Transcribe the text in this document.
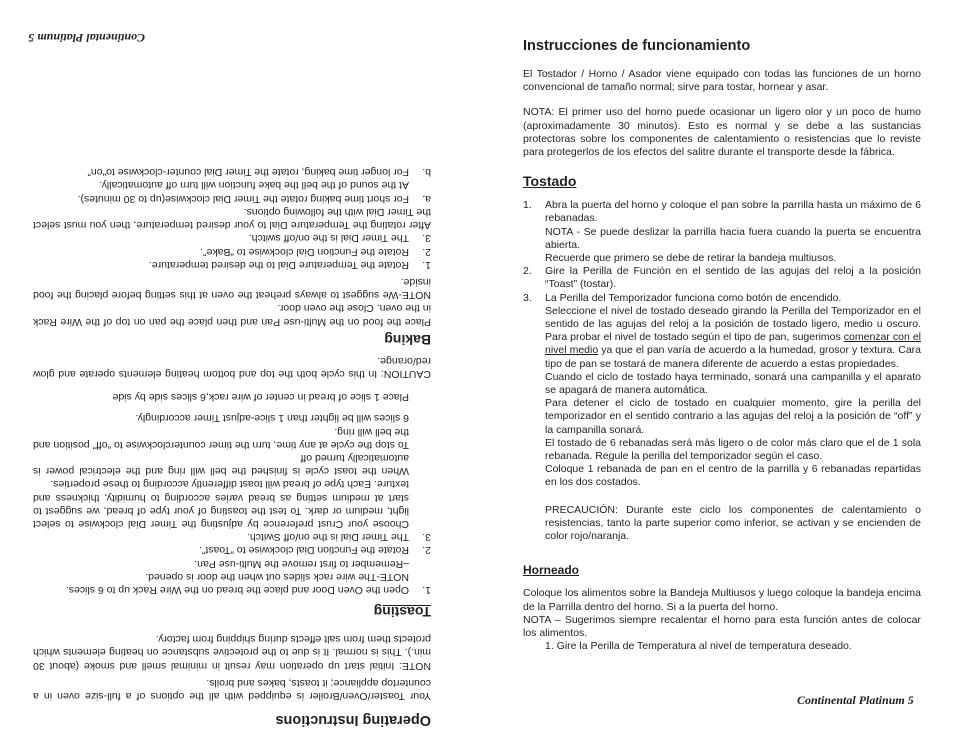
Operating Instructions

Your Toaster/Oven/Broiler is equipped with all the options of a full-size oven in a countertop appliance; it toasts, bakes and broils.

NOTE: Initial start up operation may result in minimal smell and smoke (about 30 min.). This is normal. It is due to the protective substance on heating elements which protects them from salt effects during shipping from factory.

Toasting

1.
Open the Oven Door and place the bread on the Wire Rack up to 6 slices.
NOTE-The wire rack slides out when the door is opened.
–Remember to first remove the Multi-use Pan.
2.
Rotate the Function Dial clockwise to “Toast”.
3.
The Timer Dial is the on/off Switch.
Choose your Crust preference by adjusting the Timer Dial clockwise to select light, medium or dark. To test the toasting of your type of bread, we suggest to start at medium setting as bread varies according to humidity, thickness and texture. Each type of bread will toast differently according to these properties.
When the toast cycle is finished the bell will ring and the electrical power is automatically turned off
To stop the cycle at any time, turn the timer counterclockwise to “off” position and the bell will ring.
6 slices will be lighter than 1 slice-adjust Timer accordingly.
Place 1 slice of bread in center of wire rack,6 slices side by side

CAUTION: In this cycle both the top and bottom heating elements operate and glow red/orange.

Baking

Place the food on the Multi-use Pan and then place the pan on top of the Wire Rack in the oven. Close the oven door.

NOTE-We suggest to always preheat the oven at this setting before placing the food inside.

1.
Rotate the Temperature Dial to the desired temperature.
2.
Rotate the Function Dial clockwise to “Bake”.
3.
The Timer Dial is the on/off switch.

After rotating the Temperature Dial to your desired temperature, then you must select the Timer Dial with the following options.

a.
For short time baking rotate the Timer Dial clockwise(up to 30 minutes).
At the sound of the bell the bake function will turn off automatically.
b.
For longer time baking, rotate the Timer Dial counter-clockwise to“on”
Continental Platinum 5	Instrucciones de funcionamiento

El Tostador / Horno / Asador viene equipado con todas las funciones de un horno convencional de tamaño normal; sirve para tostar, hornear y asar.

NOTA: El primer uso del horno puede ocasionar un ligero olor y un poco de humo (aproximadamente 30 minutos). Esto es normal y se debe a las sustancias protectoras sobre los componentes de calentamiento o resistencias que lo reviste para protegerlos de los efectos del salitre durante el transporte desde la fábrica.

Tostado

1. Abra la puerta del horno y coloque el pan sobre la parrilla hasta un máximo de 6 rebanadas.
NOTA - Se puede deslizar la parrilla hacia fuera cuando la puerta se encuentra abierta.
Recuerde que primero se debe de retirar la bandeja multiusos.
2. Gire la Perilla de Función en el sentido de las agujas del reloj a la posición “Toast” (tostar).
3. La Perilla del Temporizador funciona como botón de encendido.
Seleccione el nivel de tostado deseado girando la Perilla del Temporizador en el sentido de las agujas del reloj a la posición de tostado ligero, medio u oscuro. Para probar el nivel de tostado según el tipo de pan, sugerimos comenzar con el nivel medio ya que el pan varía de acuerdo a la humedad, grosor y textura. Cara tipo de pan se tostará de manera diferente de acuerdo a estas propiedades.
Cuando el ciclo de tostado haya terminado, sonará una campanilla y el aparato se apagará de manera automática.
Para detener el ciclo de tostado en cualquier momento, gire la perilla del temporizador en el sentido contrario a las agujas del reloj a la posición de “off” y la campanilla sonará.
El tostado de 6 rebanadas será más ligero o de color más claro que el de 1 sola rebanada. Regule la perilla del temporizador según el caso.
Coloque 1 rebanada de pan en el centro de la parrilla y 6 rebanadas repartidas en los dos costados.

PRECAUCIÓN: Durante este ciclo los componentes de calentamiento o resistencias, tanto la parte superior como inferior, se activan y se encienden de color rojo/naranja.

Horneado

Coloque los alimentos sobre la Bandeja Multiusos y luego coloque la bandeja encima de la Parrilla dentro del horno. Si a la puerta del horno.

NOTA – Sugerimos siempre recalentar el horno para esta función antes de colocar los alimentos.

1. Gire la Perilla de Temperatura al nivel de temperatura deseado.

Continental Platinum 5
